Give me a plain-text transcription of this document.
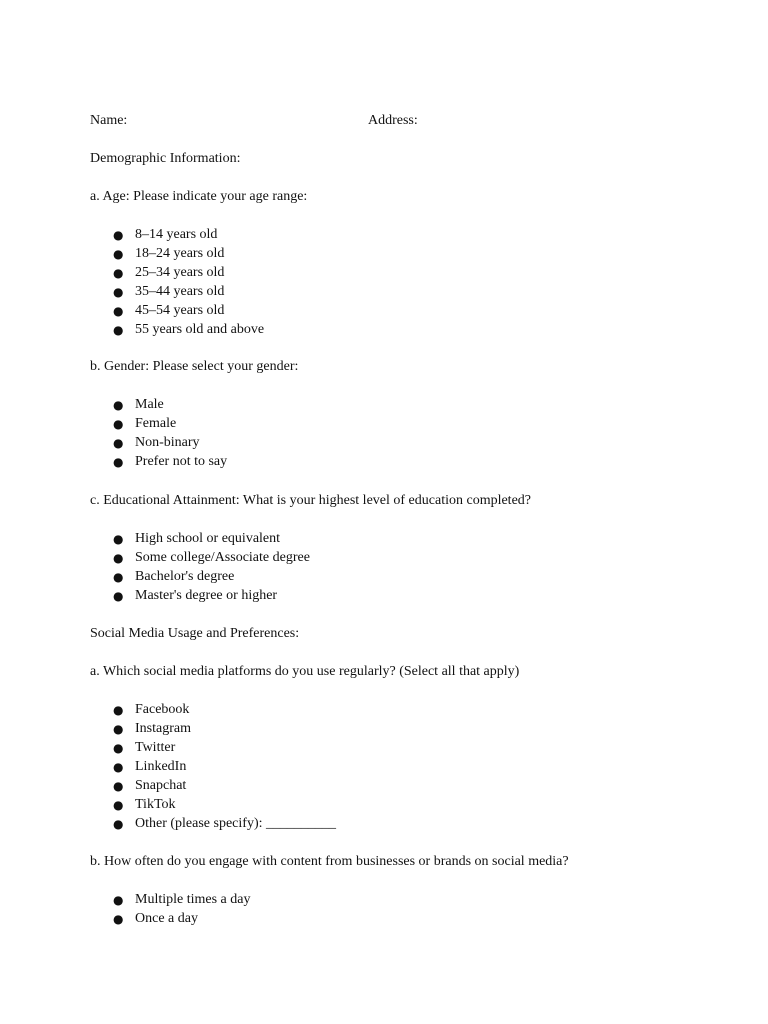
Name:	Address:
Demographic Information:
a. Age: Please indicate your age range:
● 8–14 years old
● 18–24 years old
● 25–34 years old
● 35–44 years old
● 45–54 years old
● 55 years old and above
b. Gender: Please select your gender:
● Male
● Female
● Non-binary
● Prefer not to say
c. Educational Attainment: What is your highest level of education completed?
● High school or equivalent
● Some college/Associate degree
● Bachelor's degree
● Master's degree or higher
Social Media Usage and Preferences:
a. Which social media platforms do you use regularly? (Select all that apply)
● Facebook
● Instagram
● Twitter
● LinkedIn
● Snapchat
● TikTok
● Other (please specify): __________
b. How often do you engage with content from businesses or brands on social media?
● Multiple times a day
● Once a day
